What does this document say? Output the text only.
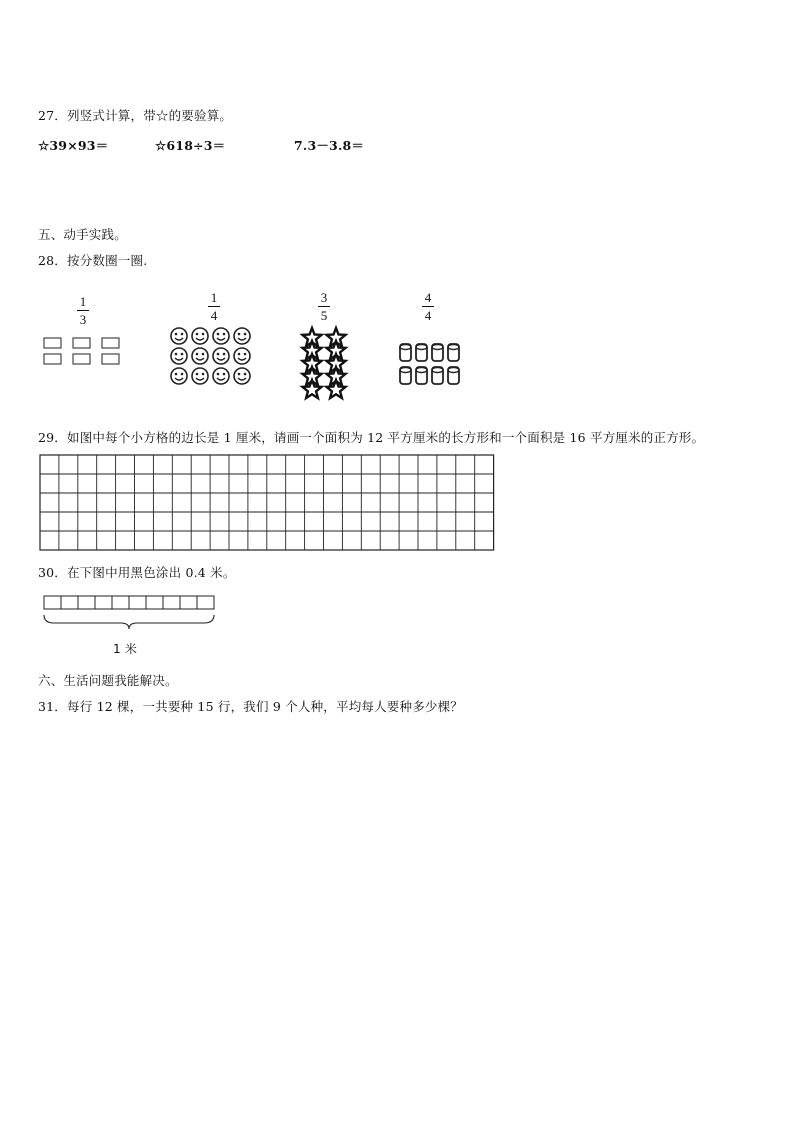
27．列竖式计算，带☆的要验算。
☆39×93＝	☆618÷3＝	7.3－3.8＝
五、动手实践。
28．按分数圈一圈.
1
3
1
4
3
5
4
4
29．如图中每个小方格的边长是 1 厘米，请画一个面积为 12 平方厘米的长方形和一个面积是 16 平方厘米的正方形。
30．在下图中用黑色涂出 0.4 米。
1 米
六、生活问题我能解决。
31．每行 12 棵，一共要种 15 行，我们 9 个人种，平均每人要种多少棵？
